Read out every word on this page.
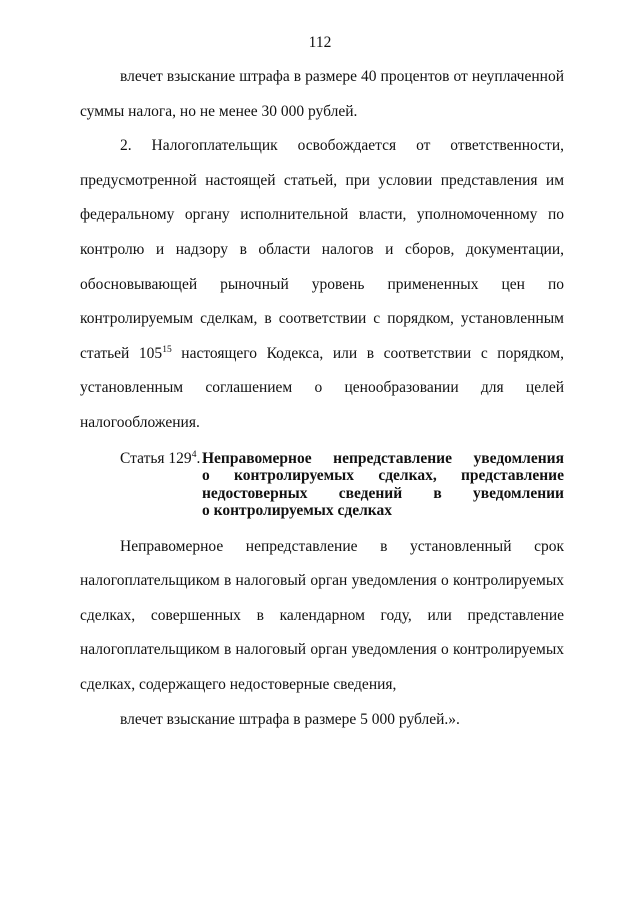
112

влечет взыскание штрафа в размере 40 процентов от неуплаченной

суммы налога, но не менее 30 000 рублей.

2. Налогоплательщик освобождается от ответственности,

предусмотренной настоящей статьей, при условии представления им

федеральному органу исполнительной власти, уполномоченному по

контролю и надзору в области налогов и сборов, документации,

обосновывающей рыночный уровень примененных цен по

контролируемым сделкам, в соответствии с порядком, установленным

статьей 105$^{15}$ настоящего Кодекса, или в соответствии с порядком,

установленным соглашением о ценообразовании для целей

налогообложения.

Статья $129^4$. Неправомерное непредставление уведомления
о контролируемых сделках, представление
недостоверных сведений в уведомлении
о контролируемых сделках

Неправомерное непредставление в установленный срок

налогоплательщиком в налоговый орган уведомления о контролируемых

сделках, совершенных в календарном году, или представление

налогоплательщиком в налоговый орган уведомления о контролируемых

сделках, содержащего недостоверные сведения,

влечет взыскание штрафа в размере 5 000 рублей.».
